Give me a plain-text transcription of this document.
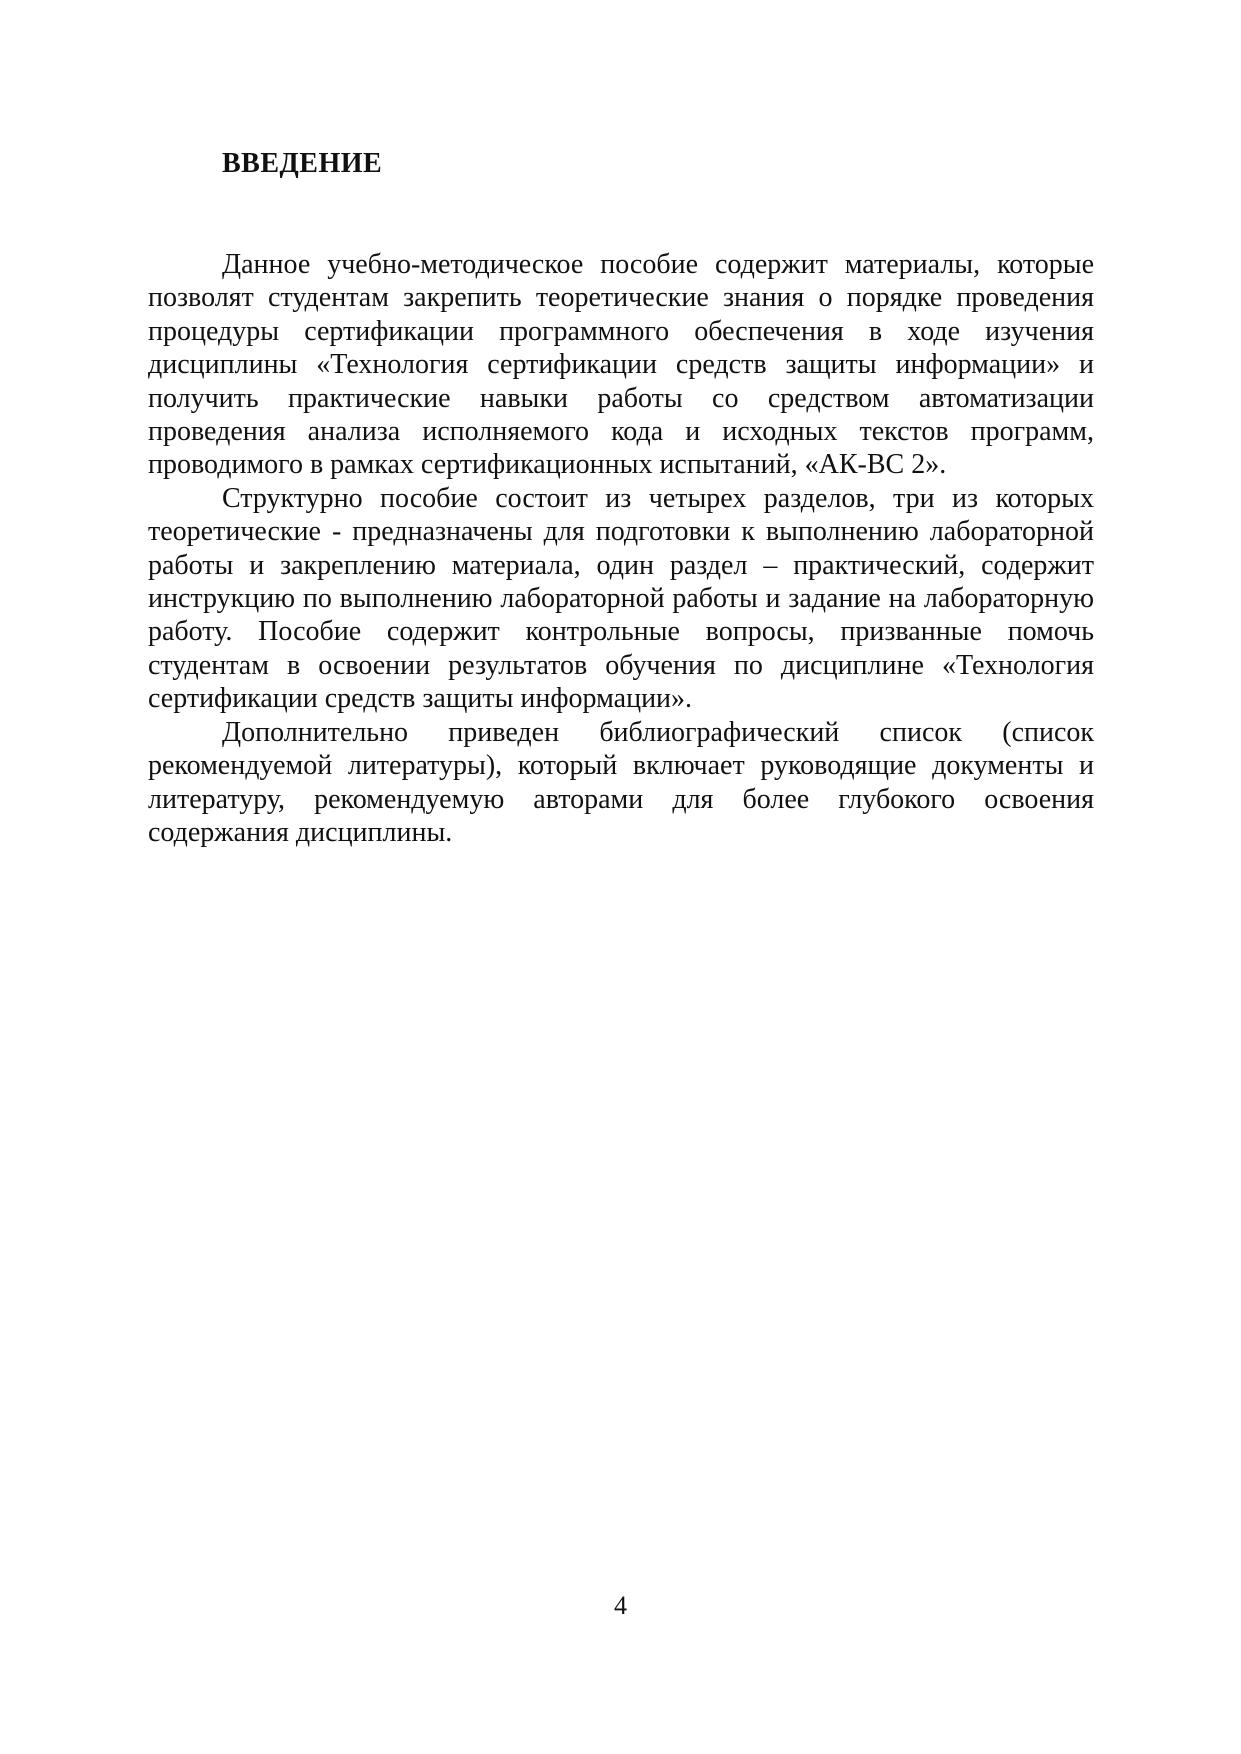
ВВЕДЕНИЕ

Данное учебно-методическое пособие содержит материалы, которые позволят студентам закрепить теоретические знания о порядке проведения процедуры сертификации программного обеспечения в ходе изучения дисциплины «Технология сертификации средств защиты информации» и получить практические навыки работы со средством автоматизации проведения анализа исполняемого кода и исходных текстов программ, проводимого в рамках сертификационных испытаний, «АК-ВС 2».

Структурно пособие состоит из четырех разделов, три из которых теоретические - предназначены для подготовки к выполнению лабораторной работы и закреплению материала, один раздел – практический, содержит инструкцию по выполнению лабораторной работы и задание на лабораторную работу. Пособие содержит контрольные вопросы, призванные помочь студентам в освоении результатов обучения по дисциплине «Технология сертификации средств защиты информации».

Дополнительно приведен библиографический список (список рекомендуемой литературы), который включает руководящие документы и литературу, рекомендуемую авторами для более глубокого освоения содержания дисциплины.

4
